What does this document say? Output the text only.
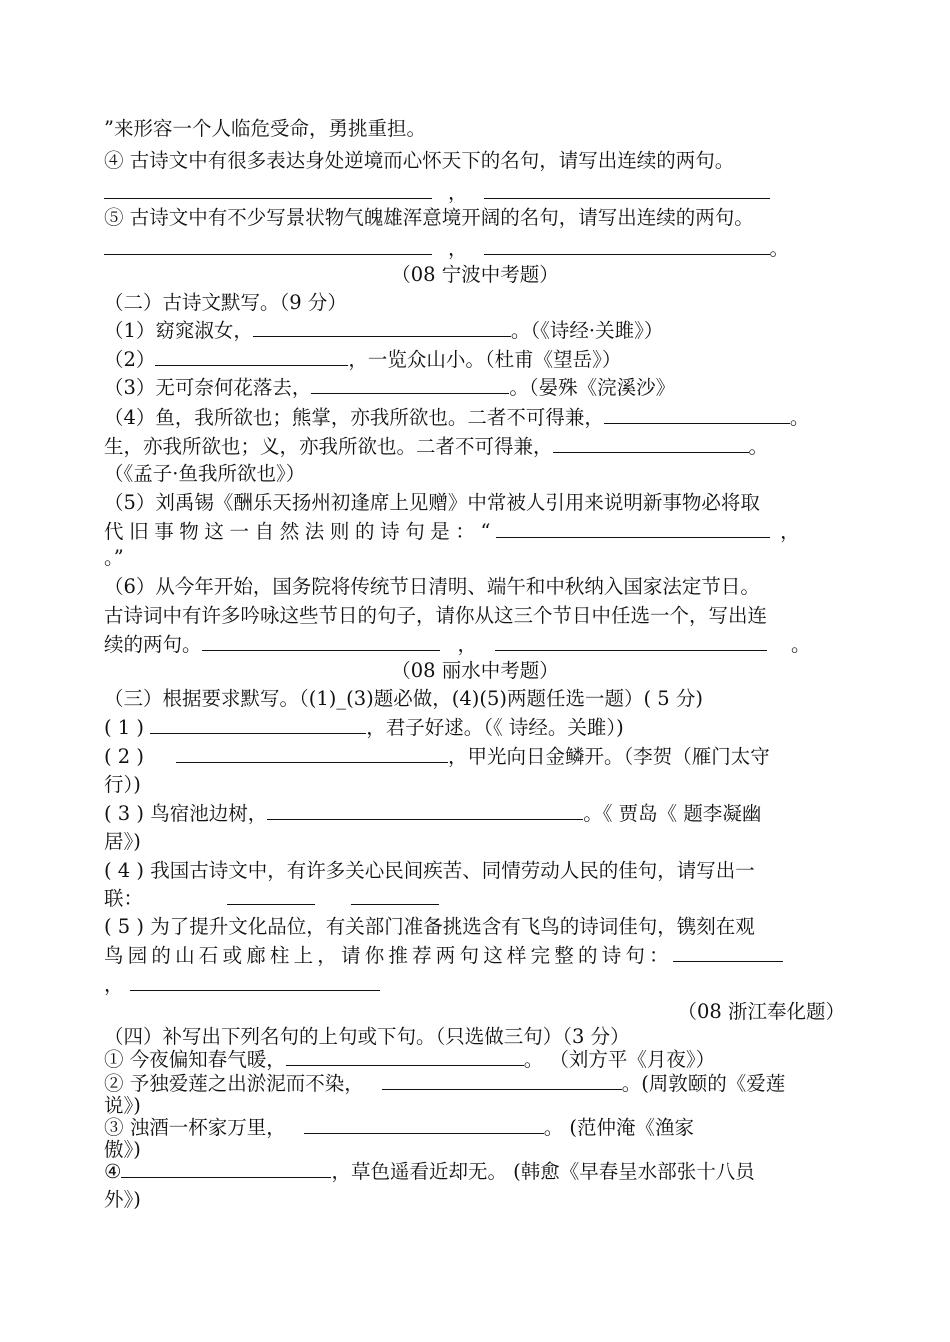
”来形容一个人临危受命，勇挑重担。
④ 古诗文中有很多表达身处逆境而心怀天下的名句，请写出连续的两句。
，
⑤ 古诗文中有不少写景状物气魄雄浑意境开阔的名句，请写出连续的两句。
，	。
（08 宁波中考题）
（二）古诗文默写。（9 分）
（1）窈窕淑女，	。（《诗经·关雎》）
（2）	，一览众山小。（杜甫《望岳》）
（3）无可奈何花落去，	。（晏殊《浣溪沙》
（4）鱼，我所欲也；熊掌，亦我所欲也。二者不可得兼，	。
生，亦我所欲也；义，亦我所欲也。二者不可得兼，	。
（《孟子·鱼我所欲也》）
（5）刘禹锡《酬乐天扬州初逢席上见赠》中常被人引用来说明新事物必将取
代旧事物这一自然法则的诗句是：“	，
。”
（6）从今年开始，国务院将传统节日清明、端午和中秋纳入国家法定节日。
古诗词中有许多吟咏这些节日的句子，请你从这三个节日中任选一个，写出连
续的两句。	，	。
（08 丽水中考题）
（三）根据要求默写。（(1)_(3)题必做，(4)(5)两题任选一题）( 5 分)
( 1 )	，君子好逑。（《 诗经。关雎）)
( 2 )	，甲光向日金鳞开。（李贺（雁门太守
行）)
( 3 ) 鸟宿池边树，	。《 贾岛《 题李凝幽
居》)
( 4 ) 我国古诗文中，有许多关心民间疾苦、同情劳动人民的佳句，请写出一
联：
( 5 ) 为了提升文化品位，有关部门准备挑选含有飞鸟的诗词佳句，镌刻在观
鸟园的山石或廊柱上，请你推荐两句这样完整的诗句：
，
（08 浙江奉化题）
（四）补写出下列名句的上句或下句。（只选做三句）（3 分）
① 今夜偏知春气暖，	。 （刘方平《月夜》）
② 予独爱莲之出淤泥而不染，	。(周敦颐的《爱莲
说》)
③ 浊酒一杯家万里，	。 (范仲淹《渔家
傲》)
④	，草色遥看近却无。 (韩愈《早春呈水部张十八员
外》)
